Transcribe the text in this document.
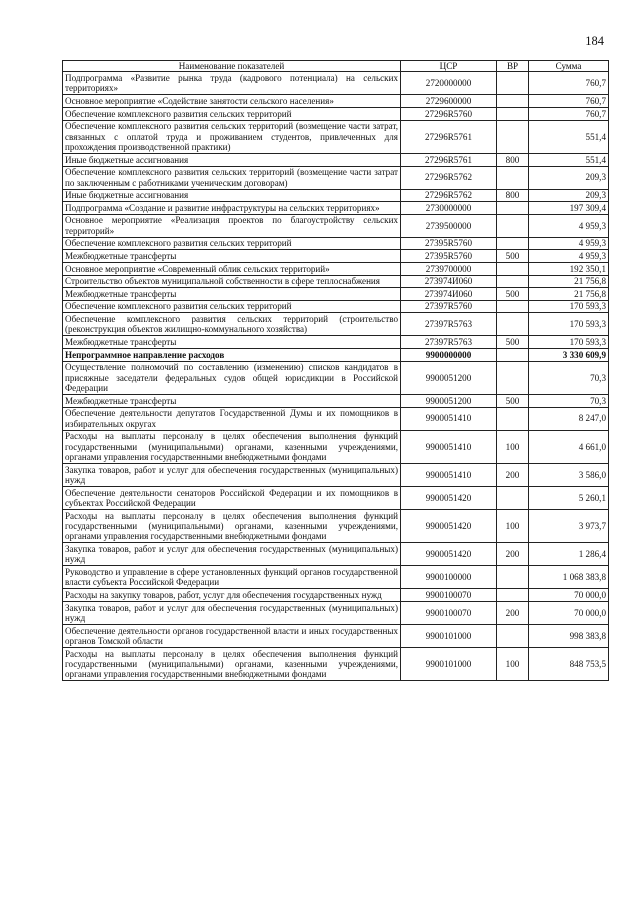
184
Наименование показателей	ЦСР	ВР	Сумма
Подпрограмма «Развитие рынка труда (кадрового потенциала) на сельских территориях»	2720000000		760,7
Основное мероприятие «Содействие занятости сельского населения»	2729600000		760,7
Обеспечение комплексного развития сельских территорий	27296R5760		760,7
Обеспечение комплексного развития сельских территорий (возмещение части затрат, связанных с оплатой труда и проживанием студентов, привлеченных для прохождения производственной практики)	27296R5761		551,4
Иные бюджетные ассигнования	27296R5761	800	551,4
Обеспечение комплексного развития сельских территорий (возмещение части затрат по заключенным с работниками ученическим договорам)	27296R5762		209,3
Иные бюджетные ассигнования	27296R5762	800	209,3
Подпрограмма «Создание и развитие инфраструктуры на сельских территориях»	2730000000		197 309,4
Основное мероприятие «Реализация проектов по благоустройству сельских территорий»	2739500000		4 959,3
Обеспечение комплексного развития сельских территорий	27395R5760		4 959,3
Межбюджетные трансферты	27395R5760	500	4 959,3
Основное мероприятие «Современный облик сельских территорий»	2739700000		192 350,1
Строительство объектов муниципальной собственности в сфере теплоснабжения	273974И060		21 756,8
Межбюджетные трансферты	273974И060	500	21 756,8
Обеспечение комплексного развития сельских территорий	27397R5760		170 593,3
Обеспечение комплексного развития сельских территорий (строительство (реконструкция объектов жилищно-коммунального хозяйства)	27397R5763		170 593,3
Межбюджетные трансферты	27397R5763	500	170 593,3
Непрограммное направление расходов	9900000000		3 330 609,9
Осуществление полномочий по составлению (изменению) списков кандидатов в присяжные заседатели федеральных судов общей юрисдикции в Российской Федерации	9900051200		70,3
Межбюджетные трансферты	9900051200	500	70,3
Обеспечение деятельности депутатов Государственной Думы и их помощников в избирательных округах	9900051410		8 247,0
Расходы на выплаты персоналу в целях обеспечения выполнения функций государственными (муниципальными) органами, казенными учреждениями, органами управления государственными внебюджетными фондами	9900051410	100	4 661,0
Закупка товаров, работ и услуг для обеспечения государственных (муниципальных) нужд	9900051410	200	3 586,0
Обеспечение деятельности сенаторов Российской Федерации и их помощников в субъектах Российской Федерации	9900051420		5 260,1
Расходы на выплаты персоналу в целях обеспечения выполнения функций государственными (муниципальными) органами, казенными учреждениями, органами управления государственными внебюджетными фондами	9900051420	100	3 973,7
Закупка товаров, работ и услуг для обеспечения государственных (муниципальных) нужд	9900051420	200	1 286,4
Руководство и управление в сфере установленных функций органов государственной власти субъекта Российской Федерации	9900100000		1 068 383,8
Расходы на закупку товаров, работ, услуг для обеспечения государственных нужд	9900100070		70 000,0
Закупка товаров, работ и услуг для обеспечения государственных (муниципальных) нужд	9900100070	200	70 000,0
Обеспечение деятельности органов государственной власти и иных государственных органов Томской области	9900101000		998 383,8
Расходы на выплаты персоналу в целях обеспечения выполнения функций государственными (муниципальными) органами, казенными учреждениями, органами управления государственными внебюджетными фондами	9900101000	100	848 753,5
